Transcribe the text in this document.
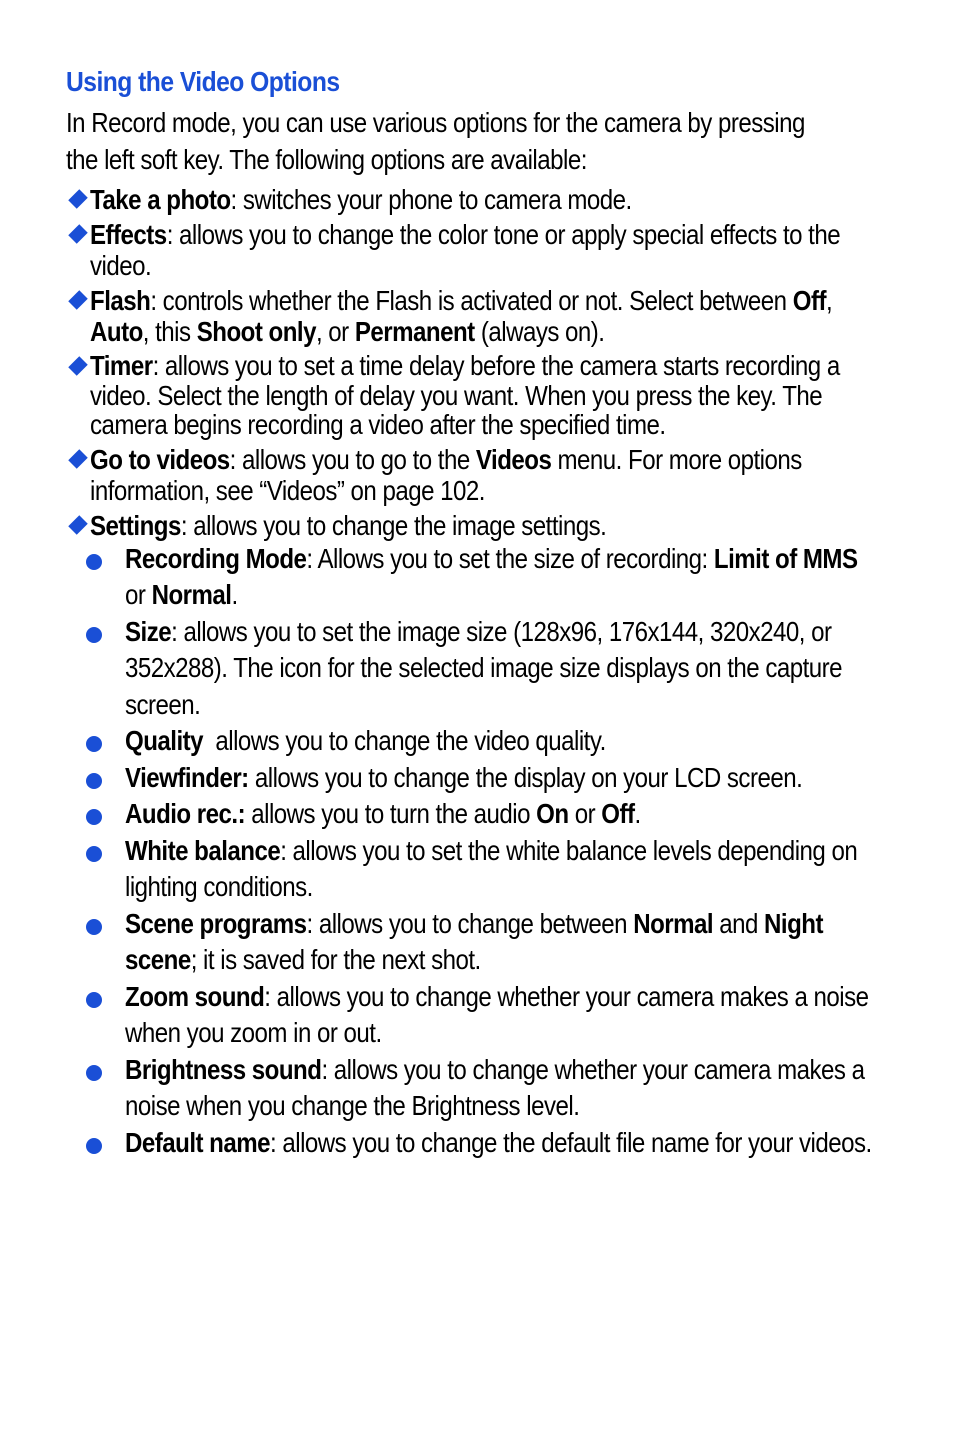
Using the Video Options

In Record mode, you can use various options for the camera by pressing the left soft key. The following options are available:

Take a photo: switches your phone to camera mode.
Effects: allows you to change the color tone or apply special effects to the video.
Flash: controls whether the Flash is activated or not. Select between Off, Auto, this Shoot only, or Permanent (always on).
Timer: allows you to set a time delay before the camera starts recording a video. Select the length of delay you want. When you press the key. The camera begins recording a video after the specified time.
Go to videos: allows you to go to the Videos menu. For more options information, see “Videos” on page 102.
Settings: allows you to change the image settings.
Recording Mode: Allows you to set the size of recording: Limit of MMS or Normal.
Size: allows you to set the image size (128x96, 176x144, 320x240, or 352x288). The icon for the selected image size displays on the capture screen.
Quality  allows you to change the video quality.
Viewfinder: allows you to change the display on your LCD screen.
Audio rec.: allows you to turn the audio On or Off.
White balance: allows you to set the white balance levels depending on lighting conditions.
Scene programs: allows you to change between Normal and Night scene; it is saved for the next shot.
Zoom sound: allows you to change whether your camera makes a noise when you zoom in or out.
Brightness sound: allows you to change whether your camera makes a noise when you change the Brightness level.
Default name: allows you to change the default file name for your videos.
